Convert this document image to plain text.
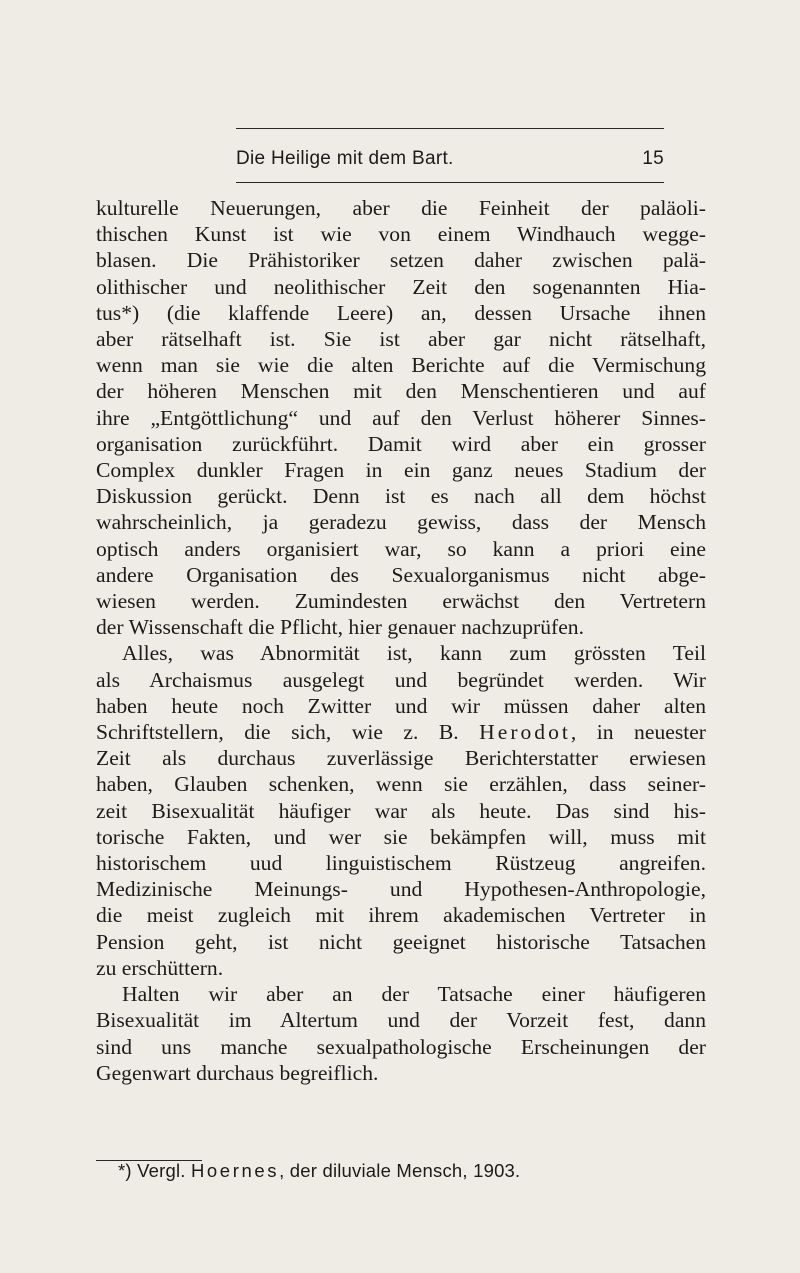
Die Heilige mit dem Bart.	15
kulturelle Neuerungen, aber die Feinheit der paläoli-
thischen Kunst ist wie von einem Windhauch wegge-
blasen. Die Prähistoriker setzen daher zwischen palä-
olithischer und neolithischer Zeit den sogenannten Hia-
tus*) (die klaffende Leere) an, dessen Ursache ihnen
aber rätselhaft ist. Sie ist aber gar nicht rätselhaft,
wenn man sie wie die alten Berichte auf die Vermischung
der höheren Menschen mit den Menschentieren und auf
ihre „Entgöttlichung“ und auf den Verlust höherer Sinnes-
organisation zurückführt. Damit wird aber ein grosser
Complex dunkler Fragen in ein ganz neues Stadium der
Diskussion gerückt. Denn ist es nach all dem höchst
wahrscheinlich, ja geradezu gewiss, dass der Mensch
optisch anders organisiert war, so kann a priori eine
andere Organisation des Sexualorganismus nicht abge-
wiesen werden. Zumindesten erwächst den Vertretern
der Wissenschaft die Pflicht, hier genauer nachzuprüfen.
Alles, was Abnormität ist, kann zum grössten Teil
als Archaismus ausgelegt und begründet werden. Wir
haben heute noch Zwitter und wir müssen daher alten
Schriftstellern, die sich, wie z. B. Herodot, in neuester
Zeit als durchaus zuverlässige Berichterstatter erwiesen
haben, Glauben schenken, wenn sie erzählen, dass seiner-
zeit Bisexualität häufiger war als heute. Das sind his-
torische Fakten, und wer sie bekämpfen will, muss mit
historischem uud linguistischem Rüstzeug angreifen.
Medizinische Meinungs- und Hypothesen-Anthropologie,
die meist zugleich mit ihrem akademischen Vertreter in
Pension geht, ist nicht geeignet historische Tatsachen
zu erschüttern.
Halten wir aber an der Tatsache einer häufigeren
Bisexualität im Altertum und der Vorzeit fest, dann
sind uns manche sexualpathologische Erscheinungen der
Gegenwart durchaus begreiflich.
*) Vergl. Hoernes, der diluviale Mensch, 1903.
